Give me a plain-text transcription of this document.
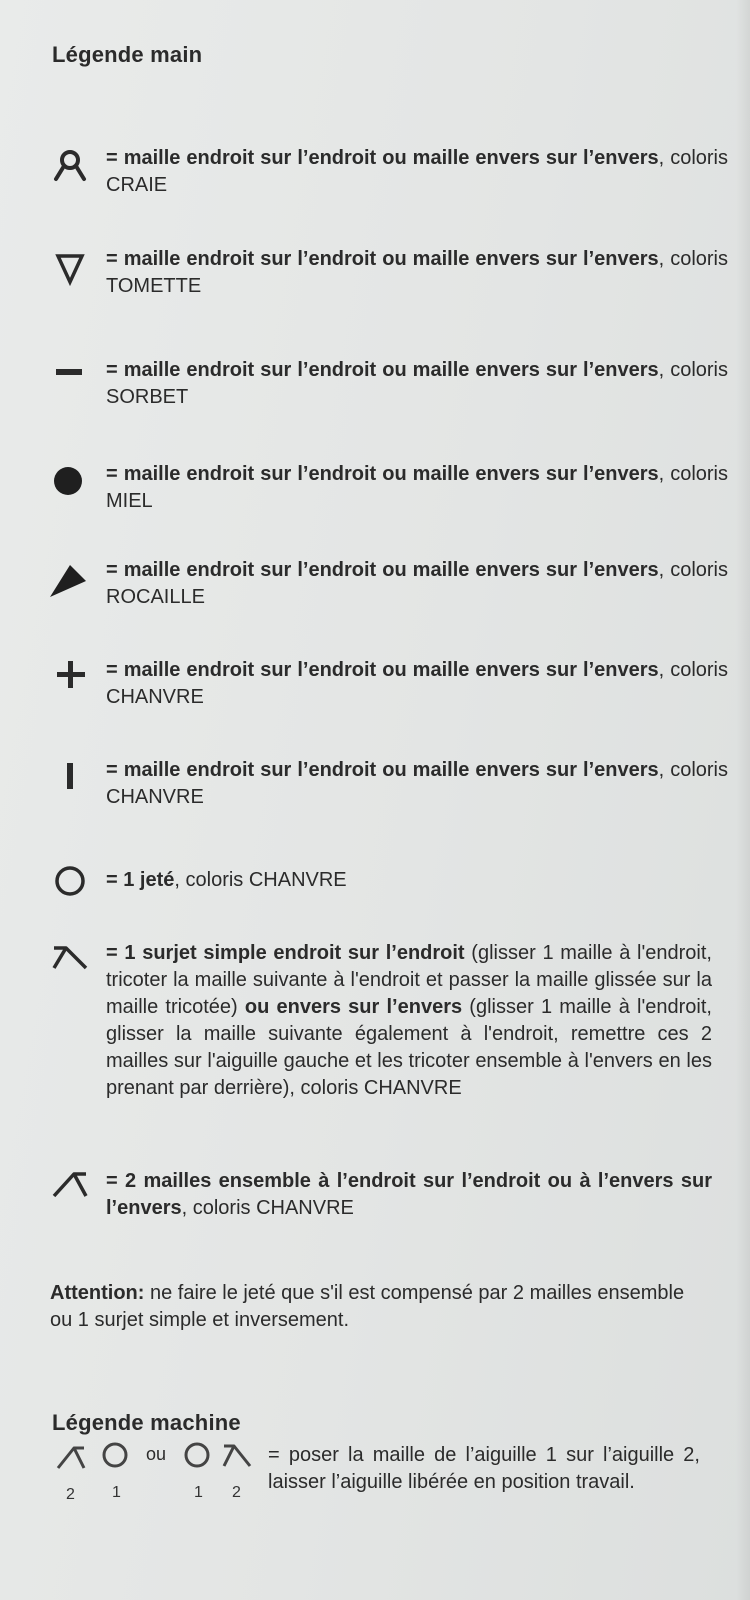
Légende main
= maille endroit sur l’endroit ou maille envers sur l’envers, coloris CRAIE
= maille endroit sur l’endroit ou maille envers sur l’envers, coloris TOMETTE
= maille endroit sur l’endroit ou maille envers sur l’envers, coloris SORBET
= maille endroit sur l’endroit ou maille envers sur l’envers, coloris MIEL
= maille endroit sur l’endroit ou maille envers sur l’envers, coloris ROCAILLE
= maille endroit sur l’endroit ou maille envers sur l’envers, coloris CHANVRE
= maille endroit sur l’endroit ou maille envers sur l’envers, coloris CHANVRE
= 1 jeté, coloris CHANVRE
= 1 surjet simple endroit sur l’endroit (glisser 1 maille à l'endroit, tricoter la maille suivante à l'endroit et passer la maille glissée sur la maille tricotée) ou envers sur l’envers (glisser 1 maille à l'endroit, glisser la maille suivante également à l'endroit, remettre ces 2 mailles sur l'aiguille gauche et les tricoter ensemble à l'envers en les prenant par derrière), coloris CHANVRE
= 2 mailles ensemble à l’endroit sur l’endroit ou à l’envers sur l’envers, coloris CHANVRE
Attention: ne faire le jeté que s'il est compensé par 2 mailles ensemble ou 1 surjet simple et inversement.
Légende machine
2 1
ou
1 2
= poser la maille de l’aiguille 1 sur l’aiguille 2, laisser l’aiguille libérée en position travail.
